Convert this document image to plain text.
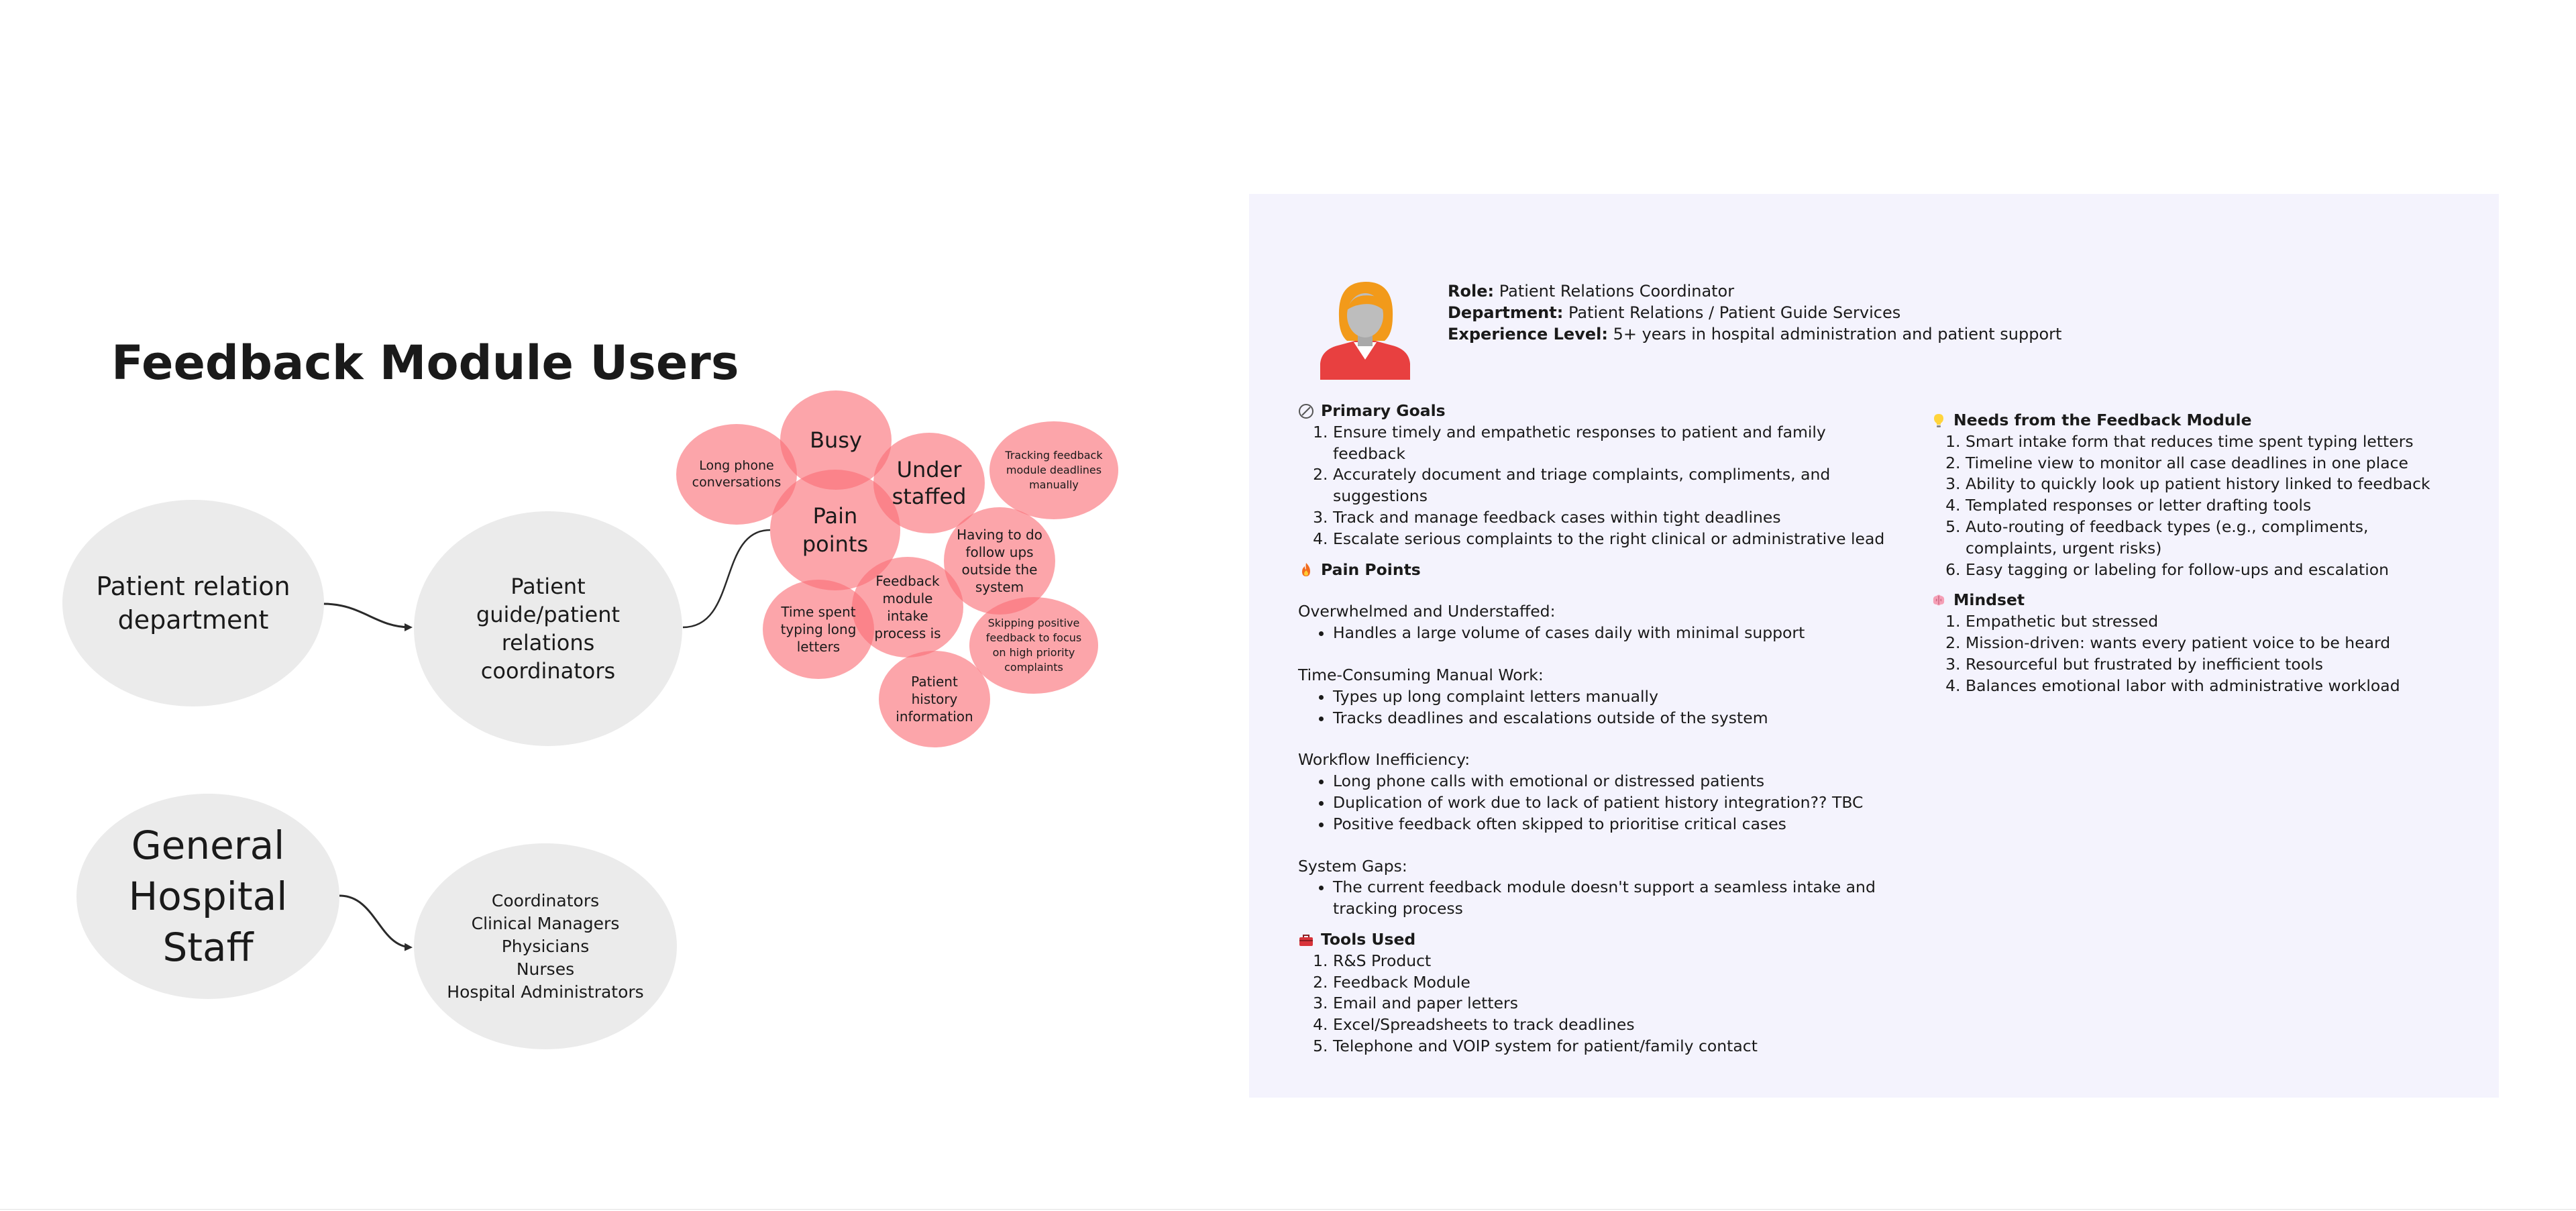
Feedback Module Users
Patient relation
department
Patient
guide/patient
relations
coordinators
General
Hospital
Staff
Coordinators
Clinical Managers
Physicians
Nurses
Hospital Administrators
Long phone
conversations
Busy
Tracking feedback
module deadlines
manually
Pain
points
Under
staffed
Having to do
follow ups
outside the
system
Feedback
module
intake
process is
Time spent
typing long
letters
Skipping positive
feedback to focus
on high priority
complaints
Patient
history
information
Role: Patient Relations Coordinator
Department: Patient Relations / Patient Guide Services
Experience Level: 5+ years in hospital administration and patient support
Primary Goals
1. Ensure timely and empathetic responses to patient and family feedback
2. Accurately document and triage complaints, compliments, and suggestions
3. Track and manage feedback cases within tight deadlines
4. Escalate serious complaints to the right clinical or administrative lead
Pain Points
Overwhelmed and Understaffed:
• Handles a large volume of cases daily with minimal support
Time-Consuming Manual Work:
• Types up long complaint letters manually
• Tracks deadlines and escalations outside of the system
Workflow Inefficiency:
• Long phone calls with emotional or distressed patients
• Duplication of work due to lack of patient history integration?? TBC
• Positive feedback often skipped to prioritise critical cases
System Gaps:
• The current feedback module doesn't support a seamless intake and tracking process
Tools Used
1. R&S Product
2. Feedback Module
3. Email and paper letters
4. Excel/Spreadsheets to track deadlines
5. Telephone and VOIP system for patient/family contact
Needs from the Feedback Module
1. Smart intake form that reduces time spent typing letters
2. Timeline view to monitor all case deadlines in one place
3. Ability to quickly look up patient history linked to feedback
4. Templated responses or letter drafting tools
5. Auto-routing of feedback types (e.g., compliments, complaints, urgent risks)
6. Easy tagging or labeling for follow-ups and escalation
Mindset
1. Empathetic but stressed
2. Mission-driven: wants every patient voice to be heard
3. Resourceful but frustrated by inefficient tools
4. Balances emotional labor with administrative workload
